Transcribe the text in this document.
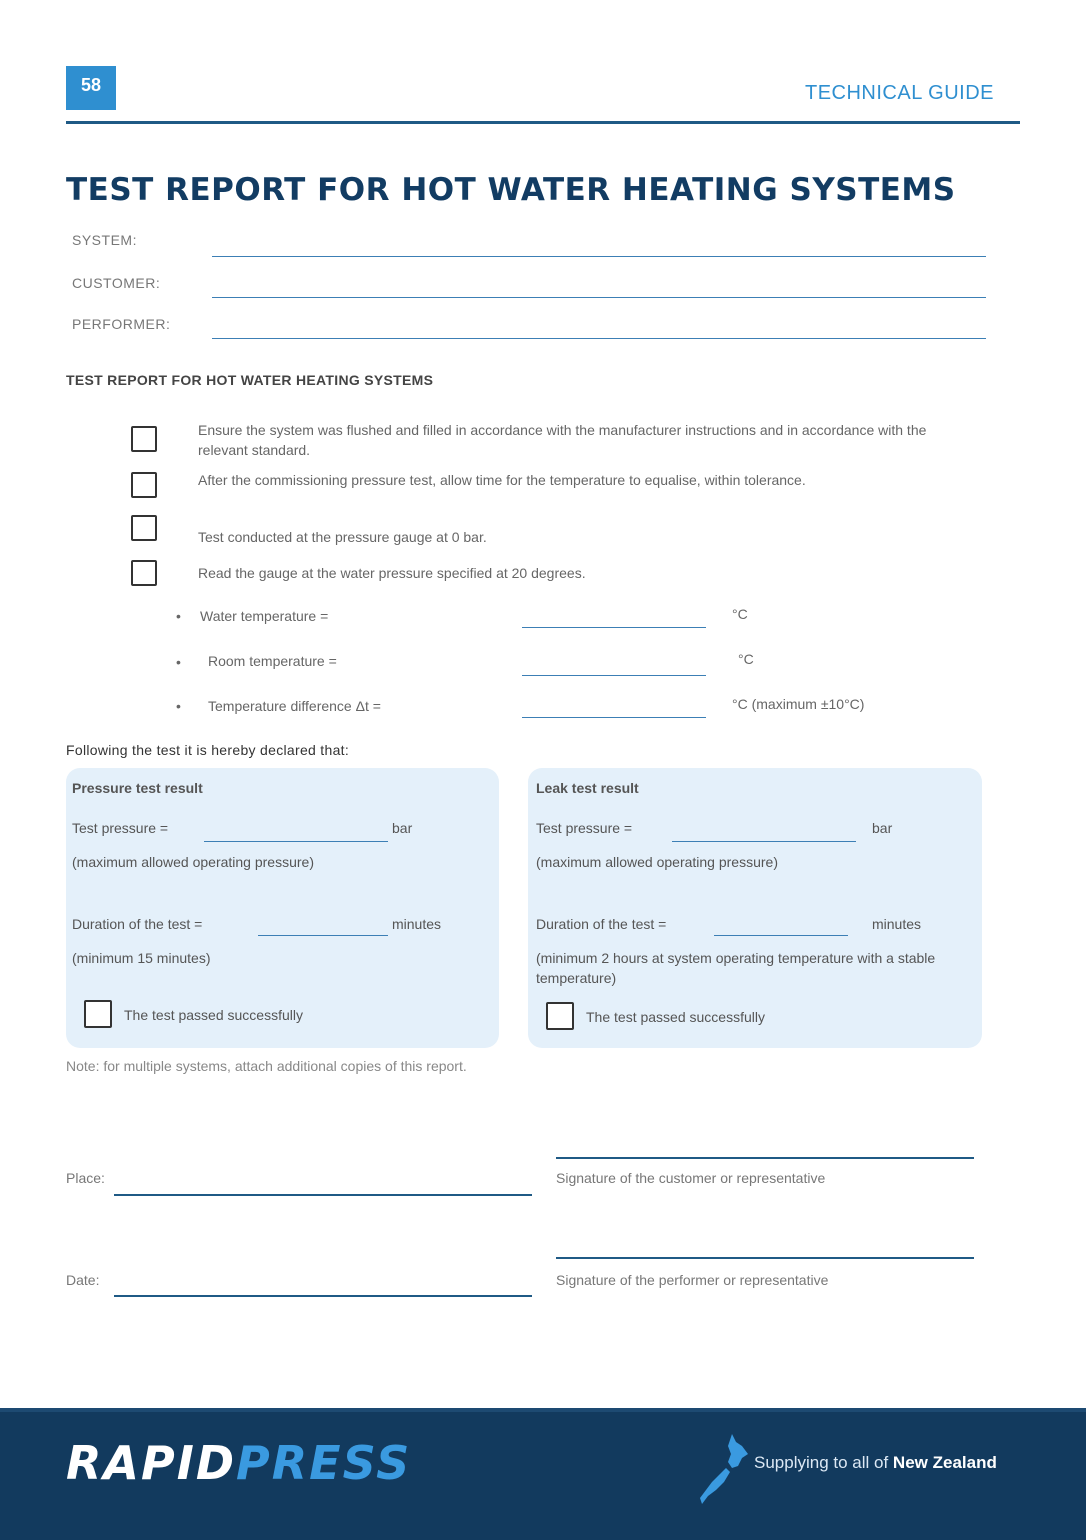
58	TECHNICAL GUIDE
TEST REPORT FOR HOT WATER HEATING SYSTEMS
SYSTEM:
CUSTOMER:
PERFORMER:
TEST REPORT FOR HOT WATER HEATING SYSTEMS
Ensure the system was flushed and filled in accordance with the manufacturer instructions and in accordance with the relevant standard.
After the commissioning pressure test, allow time for the temperature to equalise, within tolerance.
Test conducted at the pressure gauge at 0 bar.
Read the gauge at the water pressure specified at 20 degrees.
• Water temperature =	°C
• Room temperature =	°C
• Temperature difference Δt =	°C (maximum ±10°C)
Following the test it is hereby declared that:
Pressure test result
Test pressure =	bar
(maximum allowed operating pressure)
Duration of the test =	minutes
(minimum 15 minutes)
The test passed successfully
Leak test result
Test pressure =	bar
(maximum allowed operating pressure)
Duration of the test =	minutes
(minimum 2 hours at system operating temperature with a stable temperature)
The test passed successfully
Note: for multiple systems, attach additional copies of this report.
Place:	Signature of the customer or representative
Date:	Signature of the performer or representative
RAPIDPRESS	Supplying to all of New Zealand
